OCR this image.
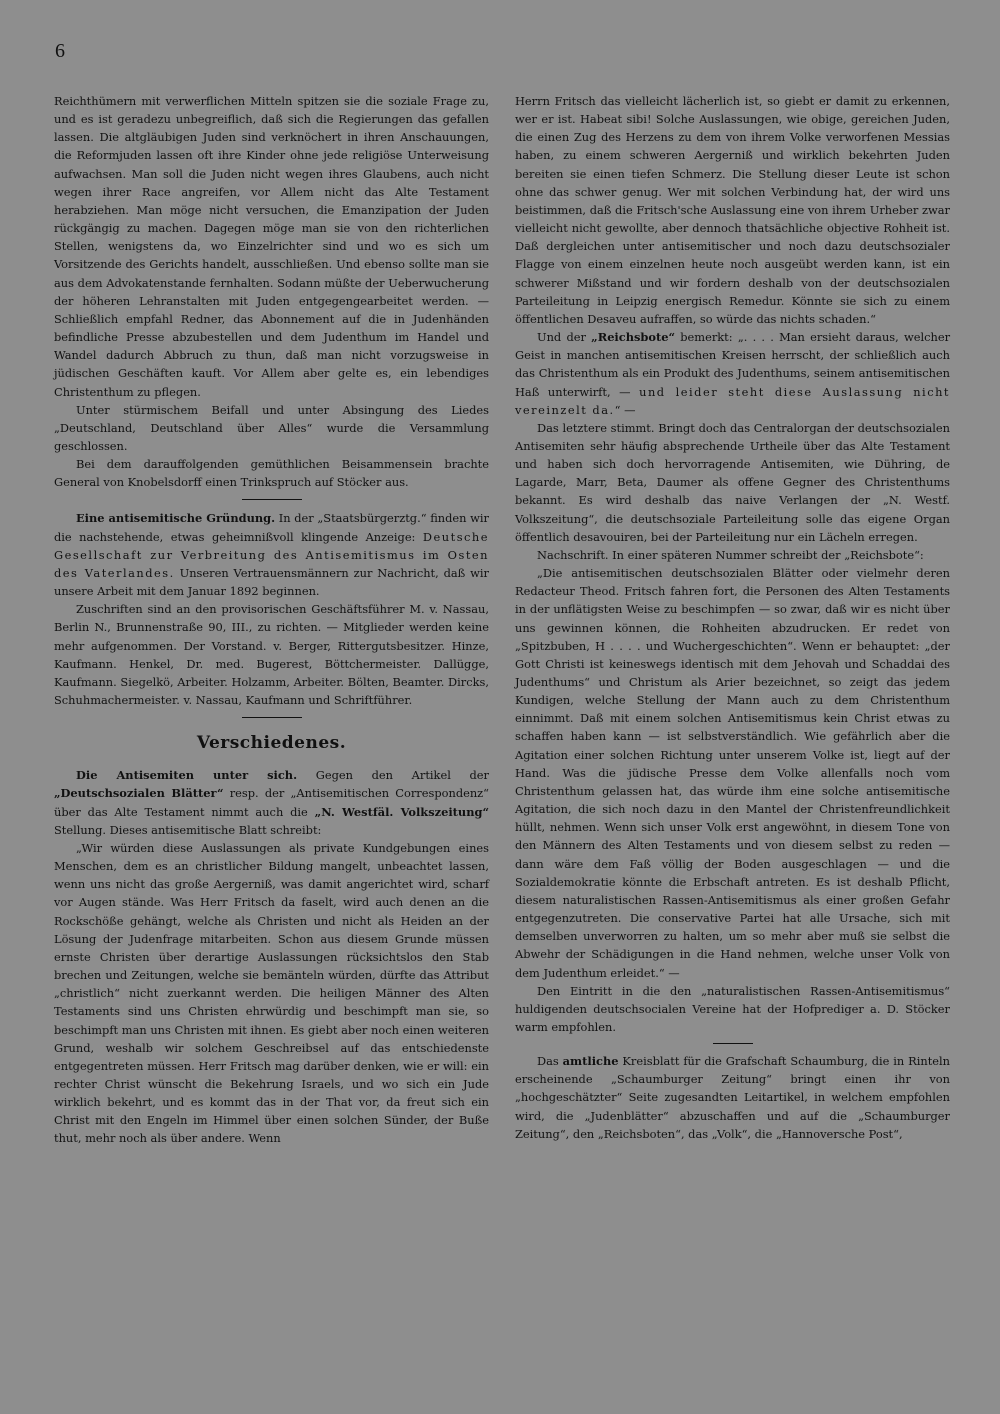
6

Reichthümern mit verwerflichen Mitteln spitzen sie die soziale Frage zu, und es ist geradezu unbegreiflich, daß sich die Regierungen das gefallen lassen. Die altgläubigen Juden sind verknöchert in ihren Anschauungen, die Reformjuden lassen oft ihre Kinder ohne jede religiöse Unterweisung aufwachsen. Man soll die Juden nicht wegen ihres Glaubens, auch nicht wegen ihrer Race angreifen, vor Allem nicht das Alte Testament herabziehen. Man möge nicht versuchen, die Emanzipation der Juden rückgängig zu machen. Dagegen möge man sie von den richterlichen Stellen, wenigstens da, wo Einzelrichter sind und wo es sich um Vorsitzende des Gerichts handelt, ausschließen. Und ebenso sollte man sie aus dem Advokatenstande fernhalten. Sodann müßte der Ueberwucherung der höheren Lehranstalten mit Juden entgegengearbeitet werden. — Schließlich empfahl Redner, das Abonnement auf die in Judenhänden befindliche Presse abzubestellen und dem Judenthum im Handel und Wandel dadurch Abbruch zu thun, daß man nicht vorzugsweise in jüdischen Geschäften kauft. Vor Allem aber gelte es, ein lebendiges Christenthum zu pflegen.

Unter stürmischem Beifall und unter Absingung des Liedes „Deutschland, Deutschland über Alles“ wurde die Versammlung geschlossen.

Bei dem darauffolgenden gemüthlichen Beisammensein brachte General von Knobelsdorff einen Trinkspruch auf Stöcker aus.

Eine antisemitische Gründung. In der „Staatsbürgerztg.“ finden wir die nachstehende, etwas geheimnißvoll klingende Anzeige: Deutsche Gesellschaft zur Verbreitung des Antisemitismus im Osten des Vaterlandes. Unseren Vertrauensmännern zur Nachricht, daß wir unsere Arbeit mit dem Januar 1892 beginnen.

Zuschriften sind an den provisorischen Geschäftsführer M. v. Nassau, Berlin N., Brunnenstraße 90, III., zu richten. — Mitglieder werden keine mehr aufgenommen. Der Vorstand. v. Berger, Rittergutsbesitzer. Hinze, Kaufmann. Henkel, Dr. med. Bugerest, Böttchermeister. Dallügge, Kaufmann. Siegelkö, Arbeiter. Holzamm, Arbeiter. Bölten, Beamter. Dircks, Schuhmachermeister. v. Nassau, Kaufmann und Schriftführer.

Verschiedenes.

Die Antisemiten unter sich. Gegen den Artikel der „Deutschsozialen Blätter“ resp. der „Antisemitischen Correspondenz“ über das Alte Testament nimmt auch die „N. Westfäl. Volkszeitung“ Stellung. Dieses antisemitische Blatt schreibt:

„Wir würden diese Auslassungen als private Kundgebungen eines Menschen, dem es an christlicher Bildung mangelt, unbeachtet lassen, wenn uns nicht das große Aergerniß, was damit angerichtet wird, scharf vor Augen stände. Was Herr Fritsch da faselt, wird auch denen an die Rockschöße gehängt, welche als Christen und nicht als Heiden an der Lösung der Judenfrage mitarbeiten. Schon aus diesem Grunde müssen ernste Christen über derartige Auslassungen rücksichtslos den Stab brechen und Zeitungen, welche sie bemänteln würden, dürfte das Attribut „christlich“ nicht zuerkannt werden. Die heiligen Männer des Alten Testaments sind uns Christen ehrwürdig und beschimpft man sie, so beschimpft man uns Christen mit ihnen. Es giebt aber noch einen weiteren Grund, weshalb wir solchem Geschreibsel auf das entschiedenste entgegentreten müssen. Herr Fritsch mag darüber denken, wie er will: ein rechter Christ wünscht die Bekehrung Israels, und wo sich ein Jude wirklich bekehrt, und es kommt das in der That vor, da freut sich ein Christ mit den Engeln im Himmel über einen solchen Sünder, der Buße thut, mehr noch als über andere. Wenn

Herrn Fritsch das vielleicht lächerlich ist, so giebt er damit zu erkennen, wer er ist. Habeat sibi! Solche Auslassungen, wie obige, gereichen Juden, die einen Zug des Herzens zu dem von ihrem Volke verworfenen Messias haben, zu einem schweren Aergerniß und wirklich bekehrten Juden bereiten sie einen tiefen Schmerz. Die Stellung dieser Leute ist schon ohne das schwer genug. Wer mit solchen Verbindung hat, der wird uns beistimmen, daß die Fritsch'sche Auslassung eine von ihrem Urheber zwar vielleicht nicht gewollte, aber dennoch thatsächliche objective Rohheit ist. Daß dergleichen unter antisemitischer und noch dazu deutschsozialer Flagge von einem einzelnen heute noch ausgeübt werden kann, ist ein schwerer Mißstand und wir fordern deshalb von der deutschsozialen Parteileitung in Leipzig energisch Remedur. Könnte sie sich zu einem öffentlichen Desaveu aufraffen, so würde das nichts schaden.“

Und der „Reichsbote“ bemerkt: „. . . . Man ersieht daraus, welcher Geist in manchen antisemitischen Kreisen herrscht, der schließlich auch das Christenthum als ein Produkt des Judenthums, seinem antisemitischen Haß unterwirft, — und leider steht diese Auslassung nicht vereinzelt da.“ —

Das letztere stimmt. Bringt doch das Centralorgan der deutschsozialen Antisemiten sehr häufig absprechende Urtheile über das Alte Testament und haben sich doch hervorragende Antisemiten, wie Dühring, de Lagarde, Marr, Beta, Daumer als offene Gegner des Christenthums bekannt. Es wird deshalb das naive Verlangen der „N. Westf. Volkszeitung“, die deutschsoziale Parteileitung solle das eigene Organ öffentlich desavouiren, bei der Parteileitung nur ein Lächeln erregen.

Nachschrift. In einer späteren Nummer schreibt der „Reichsbote“:

„Die antisemitischen deutschsozialen Blätter oder vielmehr deren Redacteur Theod. Fritsch fahren fort, die Personen des Alten Testaments in der unflätigsten Weise zu beschimpfen — so zwar, daß wir es nicht über uns gewinnen können, die Rohheiten abzudrucken. Er redet von „Spitzbuben, H . . . . und Wuchergeschichten“. Wenn er behauptet: „der Gott Christi ist keineswegs identisch mit dem Jehovah und Schaddai des Judenthums“ und Christum als Arier bezeichnet, so zeigt das jedem Kundigen, welche Stellung der Mann auch zu dem Christenthum einnimmt. Daß mit einem solchen Antisemitismus kein Christ etwas zu schaffen haben kann — ist selbstverständlich. Wie gefährlich aber die Agitation einer solchen Richtung unter unserem Volke ist, liegt auf der Hand. Was die jüdische Presse dem Volke allenfalls noch vom Christenthum gelassen hat, das würde ihm eine solche antisemitische Agitation, die sich noch dazu in den Mantel der Christenfreundlichkeit hüllt, nehmen. Wenn sich unser Volk erst angewöhnt, in diesem Tone von den Männern des Alten Testaments und von diesem selbst zu reden — dann wäre dem Faß völlig der Boden ausgeschlagen — und die Sozialdemokratie könnte die Erbschaft antreten. Es ist deshalb Pflicht, diesem naturalistischen Rassen-Antisemitismus als einer großen Gefahr entgegenzutreten. Die conservative Partei hat alle Ursache, sich mit demselben unverworren zu halten, um so mehr aber muß sie selbst die Abwehr der Schädigungen in die Hand nehmen, welche unser Volk von dem Judenthum erleidet.“ —

Den Eintritt in die den „naturalistischen Rassen-Antisemitismus“ huldigenden deutschsocialen Vereine hat der Hofprediger a. D. Stöcker warm empfohlen.

Das amtliche Kreisblatt für die Grafschaft Schaumburg, die in Rinteln erscheinende „Schaumburger Zeitung“ bringt einen ihr von „hochgeschätzter“ Seite zugesandten Leitartikel, in welchem empfohlen wird, die „Judenblätter“ abzuschaffen und auf die „Schaumburger Zeitung“, den „Reichsboten“, das „Volk“, die „Hannoversche Post“,
